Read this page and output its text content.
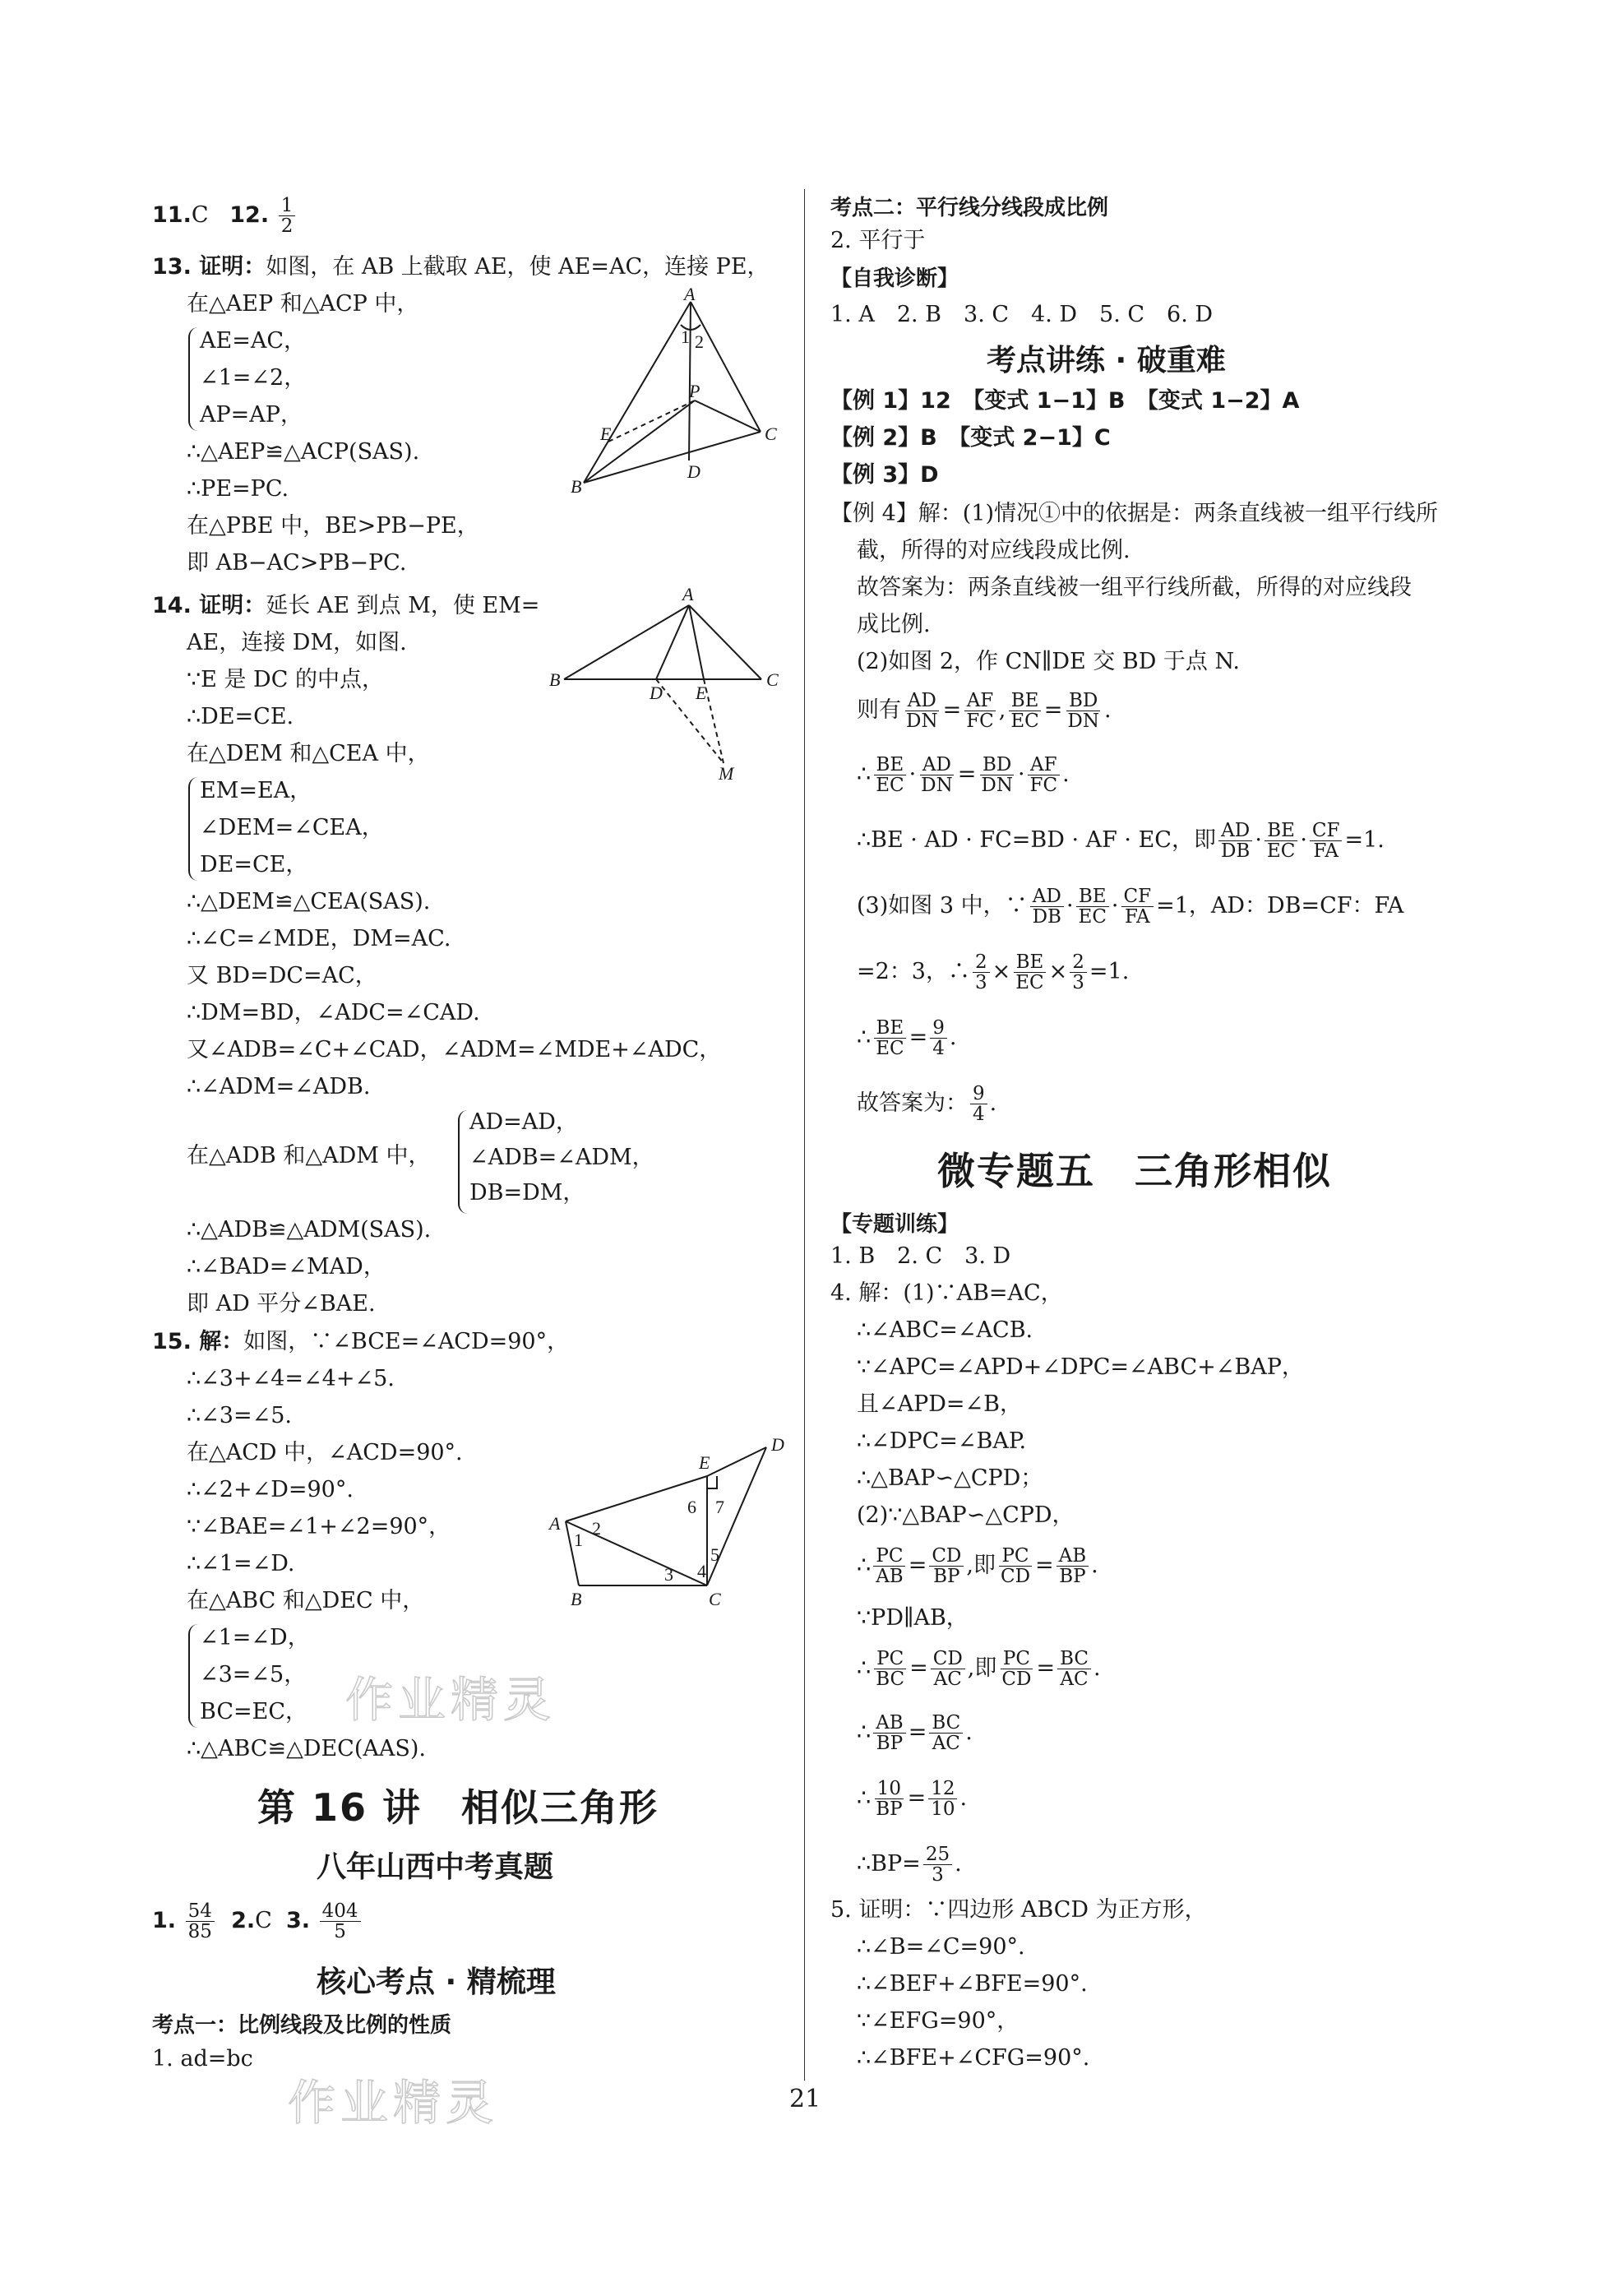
11.C 12. $\frac{1}{2}$
13. 证明：如图，在 AB 上截取 AE，使 AE=AC，连接 PE，
在△AEP 和△ACP 中，
AE=AC，
∠1=∠2，
AP=AP，
∴△AEP≌△ACP(SAS).
∴PE=PC.
在△PBE 中，BE>PB−PE，
即 AB−AC>PB−PC.
14. 证明：延长 AE 到点 M，使 EM=
AE，连接 DM，如图.
∵E 是 DC 的中点，
∴DE=CE.
在△DEM 和△CEA 中，
EM=EA，
∠DEM=∠CEA，
DE=CE，
∴△DEM≌△CEA(SAS).
∴∠C=∠MDE，DM=AC.
又 BD=DC=AC，
∴DM=BD，∠ADC=∠CAD.
又∠ADB=∠C+∠CAD，∠ADM=∠MDE+∠ADC，
∴∠ADM=∠ADB.
在△ADB 和△ADM 中，
AD=AD，
∠ADB=∠ADM，
DB=DM，
∴△ADB≌△ADM(SAS).
∴∠BAD=∠MAD，
即 AD 平分∠BAE.
15. 解：如图，∵∠BCE=∠ACD=90°，
∴∠3+∠4=∠4+∠5.
∴∠3=∠5.
在△ACD 中，∠ACD=90°.
∴∠2+∠D=90°.
∵∠BAE=∠1+∠2=90°，
∴∠1=∠D.
在△ABC 和△DEC 中，
∠1=∠D，
∠3=∠5，
BC=EC，
∴△ABC≌△DEC(AAS).
第 16 讲　相似三角形
八年山西中考真题
1. $\frac{54}{85} 2.C$ 3. $\frac{404}{5}$
核心考点 · 精梳理
考点一：比例线段及比例的性质
1. ad=bc
A
1 2
P
E	C
B
D
A
B	C
D E
M
A
1
2
E
D
6 7
5
4
3
B	C
考点二：平行线分线段成比例
2. 平行于
【自我诊断】
1. A　2. B　3. C　4. D　5. C　6. D
考点讲练 · 破重难
【例 1】12　【变式 1−1】B　【变式 1−2】A
【例 2】B　【变式 2−1】C
【例 3】D
【例 4】解：(1)情况①中的依据是：两条直线被一组平行线所
截，所得的对应线段成比例.
故答案为：两条直线被一组平行线所截，所得的对应线段
成比例.
(2)如图 2，作 CN∥DE 交 BD 于点 N.
则有 $\frac{AD}{DN} = \frac{AF}{FC}$ , $\frac{BE}{EC} = \frac{BD}{DN}$ .
∴ $\frac{BE}{EC} \cdot \frac{AD}{DN} = \frac{BD}{DN} \cdot \frac{AF}{FC}$ .
∴BE · AD · FC=BD · AF · EC，即 $\frac{AD}{DB} \cdot \frac{BE}{EC} \cdot \frac{CF}{FA} =1$.
(3)如图 3 中，∵ $\frac{AD}{DB} \cdot \frac{BE}{EC} \cdot \frac{CF}{FA} =1$，AD：DB=CF：FA
=2：3，∴ $\frac{2}{3} \times \frac{BE}{EC} \times \frac{2}{3} =1$.
∴ $\frac{BE}{EC} = \frac{9}{4}$ .
故答案为： $\frac{9}{4}$ .
微专题五　三角形相似
【专题训练】
1. B　2. C　3. D
4. 解：(1)∵AB=AC，
∴∠ABC=∠ACB.
∵∠APC=∠APD+∠DPC=∠ABC+∠BAP，
且∠APD=∠B，
∴∠DPC=∠BAP.
∴△BAP∽△CPD；
(2)∵△BAP∽△CPD，
∴ $\frac{PC}{AB} = \frac{CD}{BP}$ ,即 $\frac{PC}{CD} = \frac{AB}{BP}$ .
∵PD∥AB，
∴ $\frac{PC}{BC} = \frac{CD}{AC}$ ,即 $\frac{PC}{CD} = \frac{BC}{AC}$ .
∴ $\frac{AB}{BP} = \frac{BC}{AC}$ .
∴ $\frac{10}{BP} = \frac{12}{10}$ .
∴BP= $\frac{25}{3}$ .
5. 证明：∵四边形 ABCD 为正方形，
∴∠B=∠C=90°.
∴∠BEF+∠BFE=90°.
∵∠EFG=90°，
∴∠BFE+∠CFG=90°.
作业精灵
作业精灵	21
